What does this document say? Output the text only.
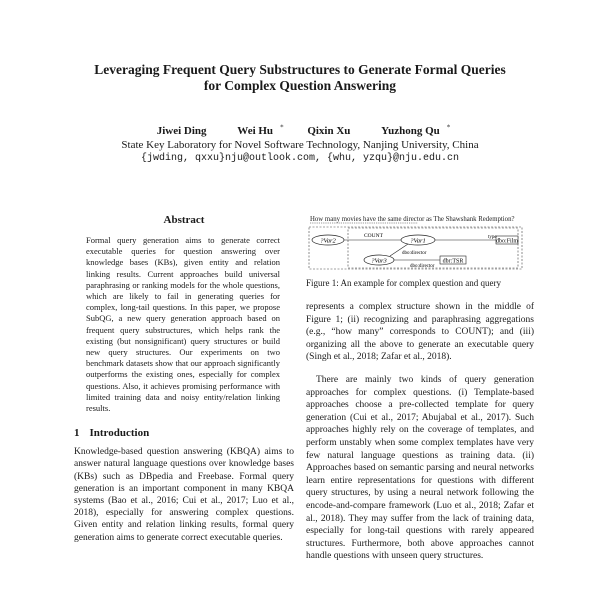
Leveraging Frequent Query Substructures to Generate Formal Queries
for Complex Question Answering
Jiwei Ding	Wei Hu * Qixin Xu	Yuzhong Qu *
State Key Laboratory for Novel Software Technology, Nanjing University, China
{jwding, qxxu}nju@outlook.com, {whu, yzqu}@nju.edu.cn
Abstract
Formal query generation aims to generate correct executable queries for question answering over knowledge bases (KBs), given entity and relation linking results. Current approaches build universal paraphrasing or ranking models for the whole questions, which are likely to fail in generating queries for complex, long-tail questions. In this paper, we propose SubQG, a new query generation approach based on frequent query substructures, which helps rank the existing (but nonsignificant) query structures or build new query structures. Our experiments on two benchmark datasets show that our approach significantly outperforms the existing ones, especially for complex questions. Also, it achieves promising performance with limited training data and noisy entity/relation linking results.
1 Introduction
Knowledge-based question answering (KBQA) aims to answer natural language questions over knowledge bases (KBs) such as DBpedia and Freebase. Formal query generation is an important component in many KBQA systems (Bao et al., 2016; Cui et al., 2017; Luo et al., 2018), especially for answering complex questions. Given entity and relation linking results, formal query generation aims to generate correct executable queries.
How many movies have the same director as The Shawshank Redemption?
?Var2	?Var1
?Var3
dbo:Film
dbr:TSR
COUNT	type
dbo:director
dbo:director
Figure 1: An example for complex question and query

represents a complex structure shown in the middle of Figure 1; (ii) recognizing and paraphrasing aggregations (e.g., “how many” corresponds to COUNT); and (iii) organizing all the above to generate an executable query (Singh et al., 2018; Zafar et al., 2018).

There are mainly two kinds of query generation approaches for complex questions. (i) Template-based approaches choose a pre-collected template for query generation (Cui et al., 2017; Abujabal et al., 2017). Such approaches highly rely on the coverage of templates, and perform unstably when some complex templates have very few natural language questions as training data. (ii) Approaches based on semantic parsing and neural networks learn entire representations for questions with different query structures, by using a neural network following the encode-and-compare framework (Luo et al., 2018; Zafar et al., 2018). They may suffer from the lack of training data, especially for long-tail questions with rarely appeared structures. Furthermore, both above approaches cannot handle questions with unseen query structures.
